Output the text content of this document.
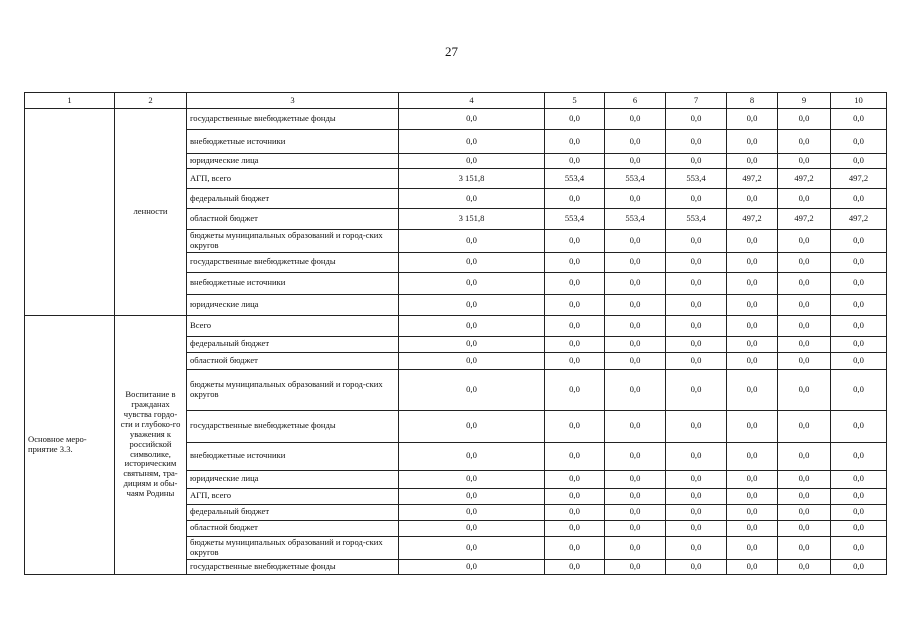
27
1	2	3	4	5	6	7	8	9	10
	ленности	государственные внебюджетные фонды	0,0	0,0	0,0	0,0	0,0	0,0	0,0
		внебюджетные источники	0,0	0,0	0,0	0,0	0,0	0,0	0,0
		юридические лица	0,0	0,0	0,0	0,0	0,0	0,0	0,0
		АГП, всего	3 151,8	553,4	553,4	553,4	497,2	497,2	497,2
		федеральный бюджет	0,0	0,0	0,0	0,0	0,0	0,0	0,0
		областной бюджет	3 151,8	553,4	553,4	553,4	497,2	497,2	497,2
		бюджеты муниципальных образований и город-ских округов	0,0	0,0	0,0	0,0	0,0	0,0	0,0
		государственные внебюджетные фонды	0,0	0,0	0,0	0,0	0,0	0,0	0,0
		внебюджетные источники	0,0	0,0	0,0	0,0	0,0	0,0	0,0
		юридические лица	0,0	0,0	0,0	0,0	0,0	0,0	0,0
Основное меро-приятие 3.3.	Воспитание в гражданах чувства гордо-сти и глубоко-го уважения к российской символике, историческим святыням, тра-дициям и обы-чаям Родины	Всего	0,0	0,0	0,0	0,0	0,0	0,0	0,0
		федеральный бюджет	0,0	0,0	0,0	0,0	0,0	0,0	0,0
		областной бюджет	0,0	0,0	0,0	0,0	0,0	0,0	0,0
		бюджеты муниципальных образований и город-ских округов	0,0	0,0	0,0	0,0	0,0	0,0	0,0
		государственные внебюджетные фонды	0,0	0,0	0,0	0,0	0,0	0,0	0,0
		внебюджетные источники	0,0	0,0	0,0	0,0	0,0	0,0	0,0
		юридические лица	0,0	0,0	0,0	0,0	0,0	0,0	0,0
		АГП, всего	0,0	0,0	0,0	0,0	0,0	0,0	0,0
		федеральный бюджет	0,0	0,0	0,0	0,0	0,0	0,0	0,0
		областной бюджет	0,0	0,0	0,0	0,0	0,0	0,0	0,0
		бюджеты муниципальных образований и город-ских округов	0,0	0,0	0,0	0,0	0,0	0,0	0,0
		государственные внебюджетные фонды	0,0	0,0	0,0	0,0	0,0	0,0	0,0
